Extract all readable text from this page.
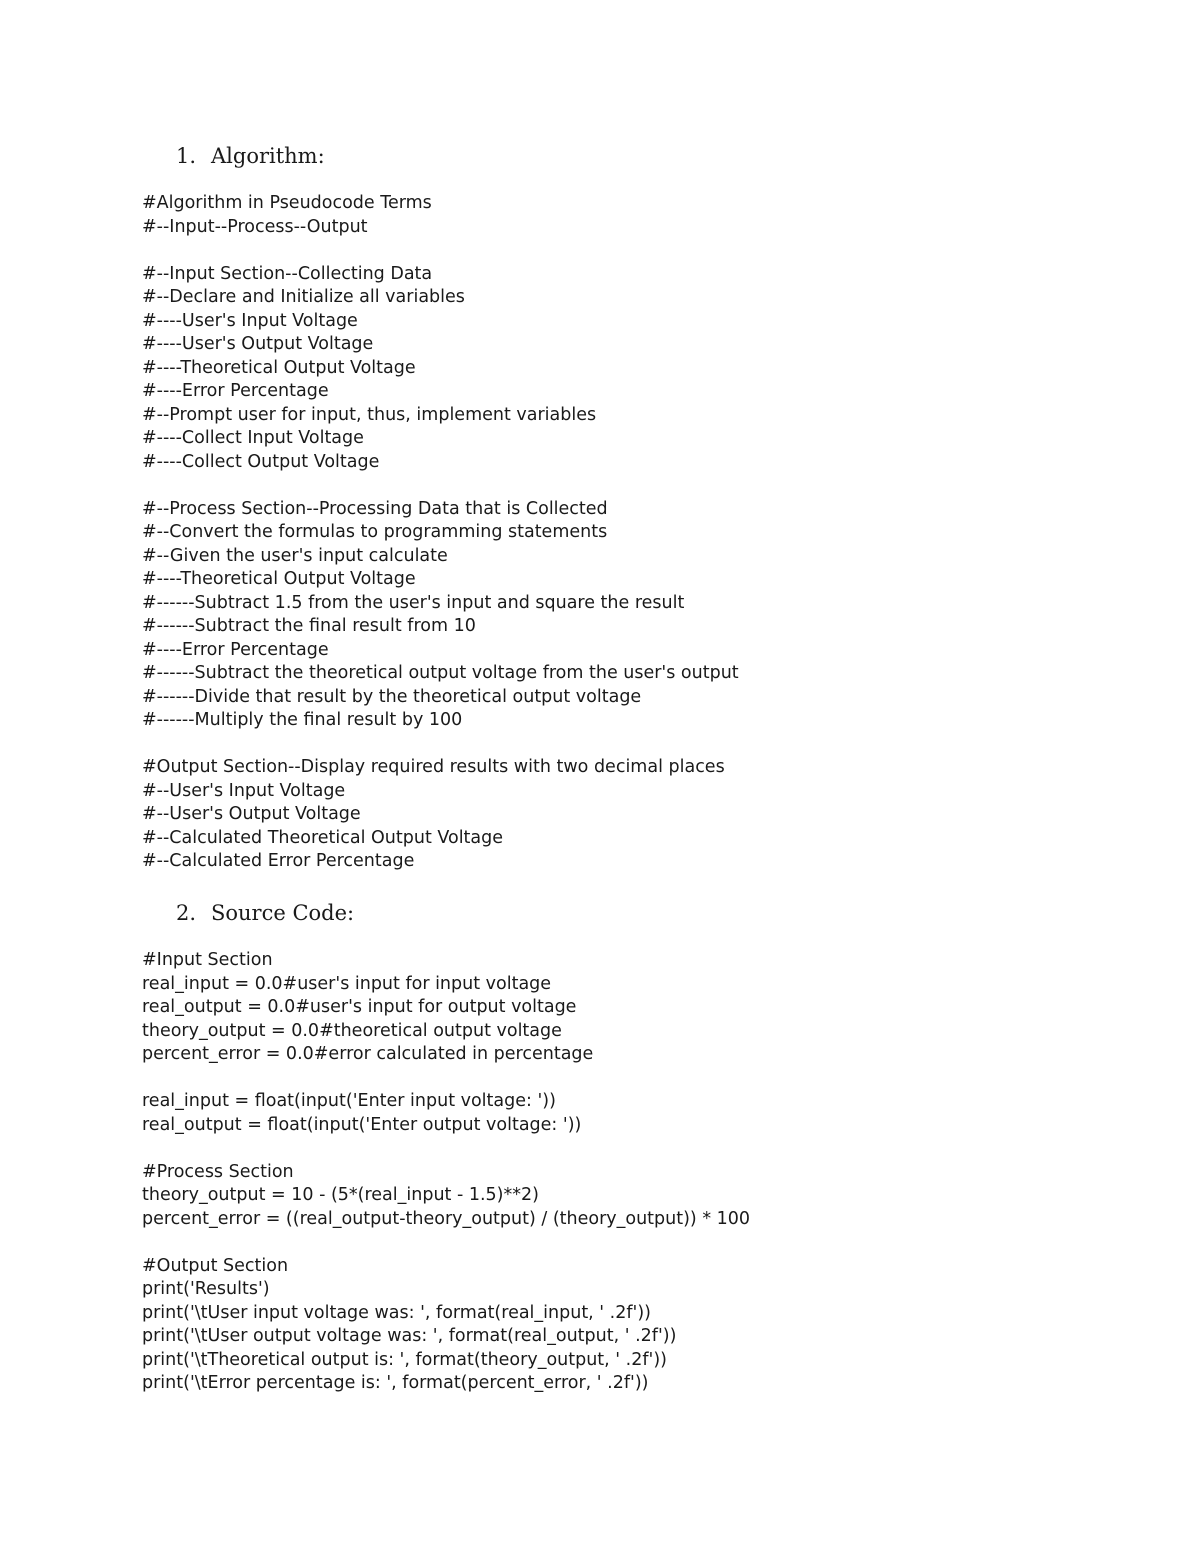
1. Algorithm:
#Algorithm in Pseudocode Terms
#--Input--Process--Output
#--Input Section--Collecting Data
#--Declare and Initialize all variables
#----User's Input Voltage
#----User's Output Voltage
#----Theoretical Output Voltage
#----Error Percentage
#--Prompt user for input, thus, implement variables
#----Collect Input Voltage
#----Collect Output Voltage
#--Process Section--Processing Data that is Collected
#--Convert the formulas to programming statements
#--Given the user's input calculate
#----Theoretical Output Voltage
#------Subtract 1.5 from the user's input and square the result
#------Subtract the final result from 10
#----Error Percentage
#------Subtract the theoretical output voltage from the user's output
#------Divide that result by the theoretical output voltage
#------Multiply the final result by 100
#Output Section--Display required results with two decimal places
#--User's Input Voltage
#--User's Output Voltage
#--Calculated Theoretical Output Voltage
#--Calculated Error Percentage
2. Source Code:
#Input Section
real_input = 0.0#user's input for input voltage
real_output = 0.0#user's input for output voltage
theory_output = 0.0#theoretical output voltage
percent_error = 0.0#error calculated in percentage
real_input = float(input('Enter input voltage: '))
real_output = float(input('Enter output voltage: '))
#Process Section
theory_output = 10 - (5*(real_input - 1.5)**2)
percent_error = ((real_output-theory_output) / (theory_output)) * 100
#Output Section
print('Results')
print('\tUser input voltage was: ', format(real_input, ' .2f'))
print('\tUser output voltage was: ', format(real_output, ' .2f'))
print('\tTheoretical output is: ', format(theory_output, ' .2f'))
print('\tError percentage is: ', format(percent_error, ' .2f'))
